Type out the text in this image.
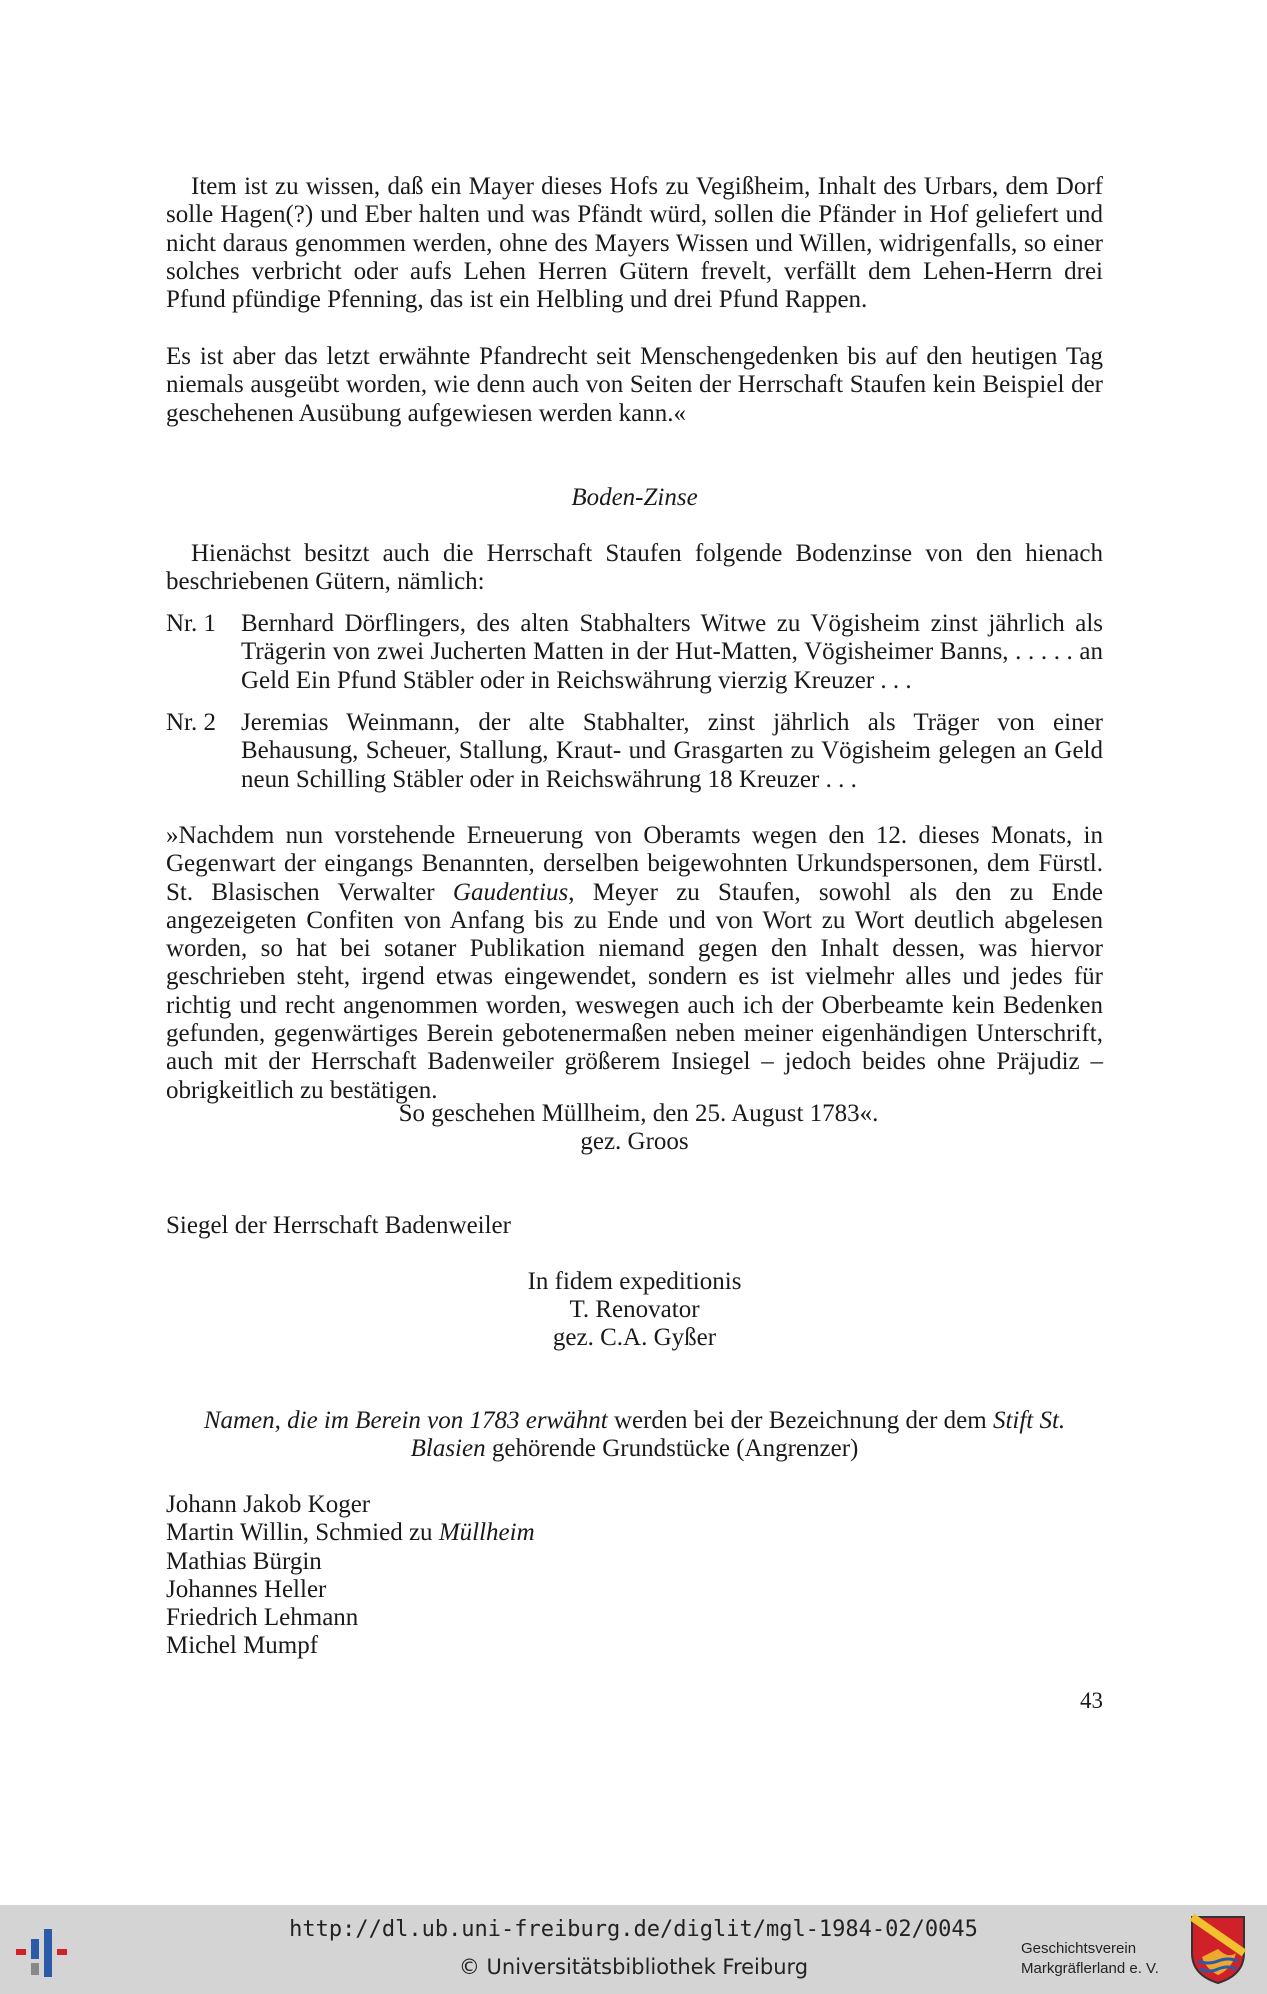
Item ist zu wissen, daß ein Mayer dieses Hofs zu Vegißheim, Inhalt des Urbars, dem Dorf solle Hagen(?) und Eber halten und was Pfändt würd, sollen die Pfänder in Hof geliefert und nicht daraus genommen werden, ohne des Mayers Wissen und Willen, widrigenfalls, so einer solches verbricht oder aufs Lehen Herren Gütern frevelt, verfällt dem Lehen-Herrn drei Pfund pfündige Pfenning, das ist ein Helbling und drei Pfund Rappen.
Es ist aber das letzt erwähnte Pfandrecht seit Menschengedenken bis auf den heutigen Tag niemals ausgeübt worden, wie denn auch von Seiten der Herrschaft Staufen kein Beispiel der geschehenen Ausübung aufgewiesen werden kann.«
Boden-Zinse
Hienächst besitzt auch die Herrschaft Staufen folgende Bodenzinse von den hienach beschriebenen Gütern, nämlich:
Nr. 1	Bernhard Dörflingers, des alten Stabhalters Witwe zu Vögisheim zinst jährlich als Trägerin von zwei Jucherten Matten in der Hut-Matten, Vögisheimer Banns, . . . . . an Geld Ein Pfund Stäbler oder in Reichswährung vierzig Kreuzer . . .
Nr. 2	Jeremias Weinmann, der alte Stabhalter, zinst jährlich als Träger von einer Behausung, Scheuer, Stallung, Kraut- und Grasgarten zu Vögisheim gelegen an Geld neun Schilling Stäbler oder in Reichswährung 18 Kreuzer . . .
»Nachdem nun vorstehende Erneuerung von Oberamts wegen den 12. dieses Monats, in Gegenwart der eingangs Benannten, derselben beigewohnten Urkundspersonen, dem Fürstl. St. Blasischen Verwalter Gaudentius, Meyer zu Staufen, sowohl als den zu Ende angezeigeten Confiten von Anfang bis zu Ende und von Wort zu Wort deutlich abgelesen worden, so hat bei sotaner Publikation niemand gegen den Inhalt dessen, was hiervor geschrieben steht, irgend etwas eingewendet, sondern es ist vielmehr alles und jedes für richtig und recht angenommen worden, weswegen auch ich der Oberbeamte kein Bedenken gefunden, gegenwärtiges Berein gebotenermaßen neben meiner eigenhändigen Unterschrift, auch mit der Herrschaft Badenweiler größerem Insiegel – jedoch beides ohne Präjudiz – obrigkeitlich zu bestätigen.
So geschehen Müllheim, den 25. August 1783«.
gez. Groos
Siegel der Herrschaft Badenweiler
In fidem expeditionis
T. Renovator
gez. C.A. Gyßer
Namen, die im Berein von 1783 erwähnt werden bei der Bezeichnung der dem Stift St. Blasien gehörende Grundstücke (Angrenzer)
Johann Jakob Koger
Martin Willin, Schmied zu Müllheim
Mathias Bürgin
Johannes Heller
Friedrich Lehmann
Michel Mumpf
43
http://dl.ub.uni-freiburg.de/diglit/mgl-1984-02/0045
© Universitätsbibliothek Freiburg
Geschichtsverein
Markgräflerland e. V.
